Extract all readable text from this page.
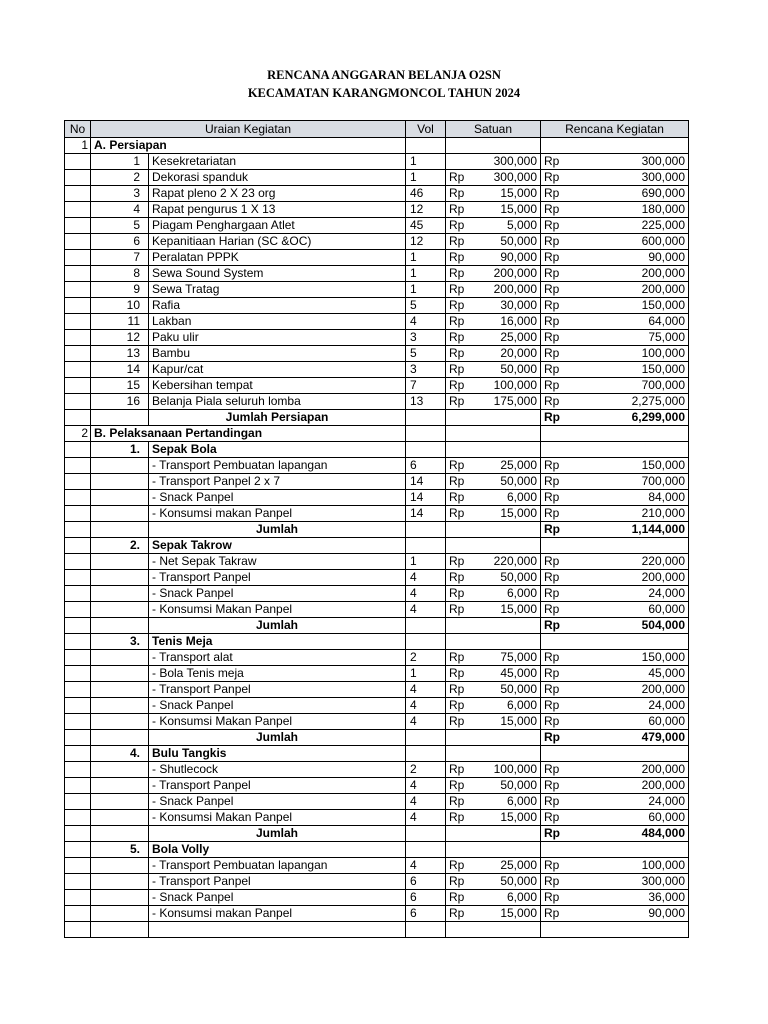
RENCANA ANGGARAN BELANJA O2SN
KECAMATAN KARANGMONCOL TAHUN 2024
No	Uraian Kegiatan		Vol	Satuan		Rencana Kegiatan	
1	A. Persiapan						
	1	Kesekretariatan	1		300,000	Rp	300,000
	2	Dekorasi spanduk	1	Rp	300,000	Rp	300,000
	3	Rapat pleno 2 X 23 org	46	Rp	15,000	Rp	690,000
	4	Rapat pengurus 1 X 13	12	Rp	15,000	Rp	180,000
	5	Piagam Penghargaan Atlet	45	Rp	5,000	Rp	225,000
	6	Kepanitiaan Harian (SC &OC)	12	Rp	50,000	Rp	600,000
	7	Peralatan PPPK	1	Rp	90,000	Rp	90,000
	8	Sewa Sound System	1	Rp	200,000	Rp	200,000
	9	Sewa Tratag	1	Rp	200,000	Rp	200,000
	10	Rafia	5	Rp	30,000	Rp	150,000
	11	Lakban	4	Rp	16,000	Rp	64,000
	12	Paku ulir	3	Rp	25,000	Rp	75,000
	13	Bambu	5	Rp	20,000	Rp	100,000
	14	Kapur/cat	3	Rp	50,000	Rp	150,000
	15	Kebersihan tempat	7	Rp	100,000	Rp	700,000
	16	Belanja Piala seluruh lomba	13	Rp	175,000	Rp	2,275,000
		Jumlah Persiapan				Rp	6,299,000
2	B. Pelaksanaan Pertandingan						
	1.	Sepak Bola					
		- Transport Pembuatan lapangan	6	Rp	25,000	Rp	150,000
		- Transport Panpel 2 x 7	14	Rp	50,000	Rp	700,000
		- Snack Panpel	14	Rp	6,000	Rp	84,000
		- Konsumsi makan Panpel	14	Rp	15,000	Rp	210,000
		Jumlah				Rp	1,144,000
	2.	Sepak Takrow					
		- Net Sepak Takraw	1	Rp	220,000	Rp	220,000
		- Transport Panpel	4	Rp	50,000	Rp	200,000
		- Snack Panpel	4	Rp	6,000	Rp	24,000
		- Konsumsi Makan Panpel	4	Rp	15,000	Rp	60,000
		Jumlah				Rp	504,000
	3.	Tenis Meja					
		- Transport alat	2	Rp	75,000	Rp	150,000
		- Bola Tenis meja	1	Rp	45,000	Rp	45,000
		- Transport Panpel	4	Rp	50,000	Rp	200,000
		- Snack Panpel	4	Rp	6,000	Rp	24,000
		- Konsumsi Makan Panpel	4	Rp	15,000	Rp	60,000
		Jumlah				Rp	479,000
	4.	Bulu Tangkis					
		- Shutlecock	2	Rp	100,000	Rp	200,000
		- Transport Panpel	4	Rp	50,000	Rp	200,000
		- Snack Panpel	4	Rp	6,000	Rp	24,000
		- Konsumsi Makan Panpel	4	Rp	15,000	Rp	60,000
		Jumlah				Rp	484,000
	5.	Bola Volly					
		- Transport Pembuatan lapangan	4	Rp	25,000	Rp	100,000
		- Transport Panpel	6	Rp	50,000	Rp	300,000
		- Snack Panpel	6	Rp	6,000	Rp	36,000
		- Konsumsi makan Panpel	6	Rp	15,000	Rp	90,000
